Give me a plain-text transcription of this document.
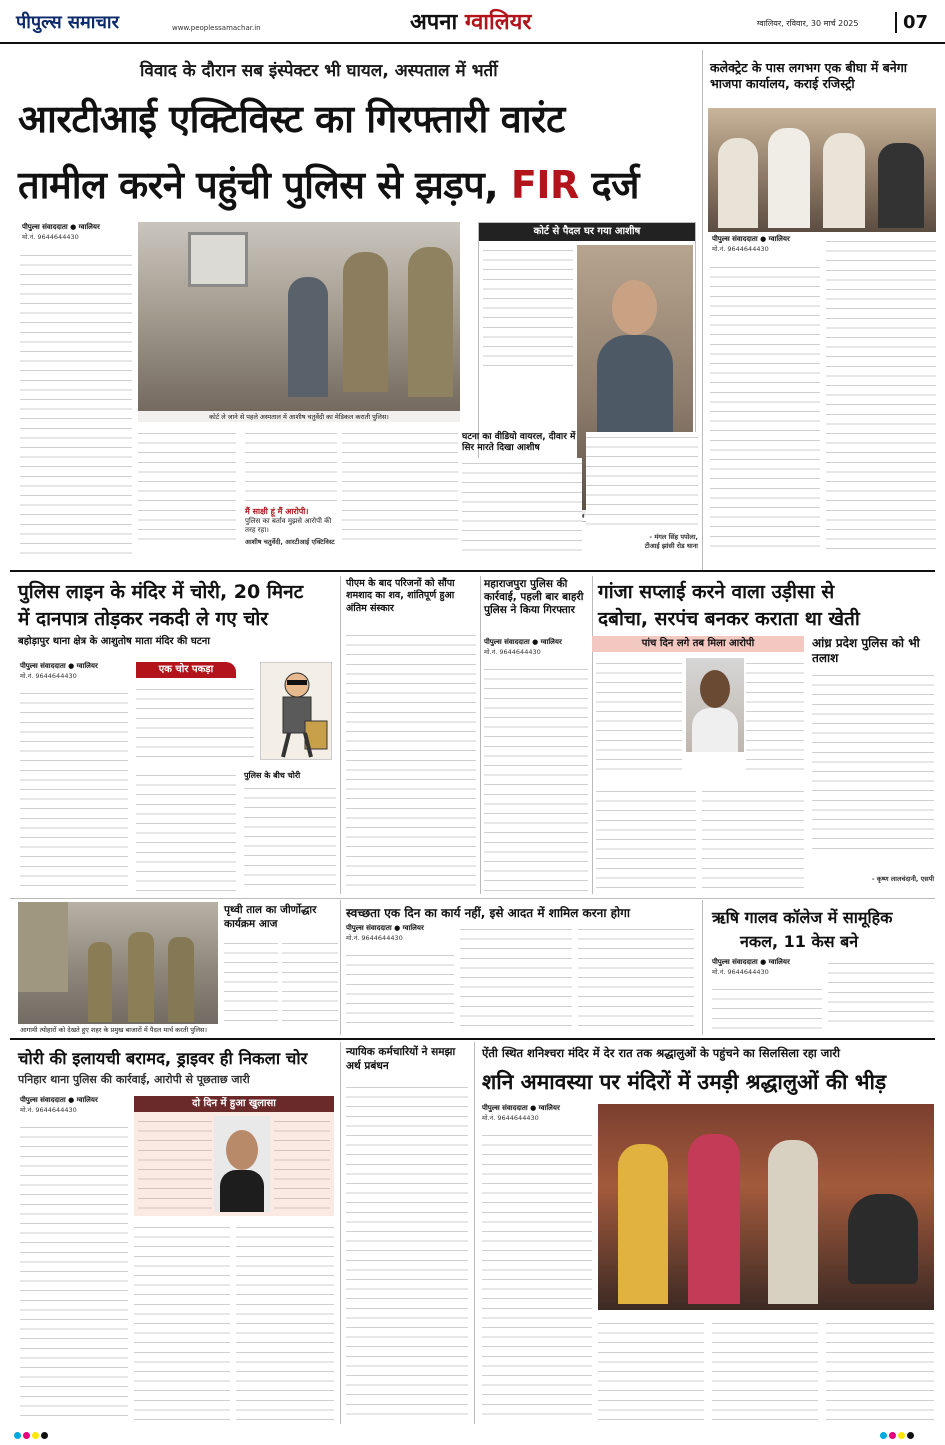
पीपुल्स समाचार	www.peoplessamachar.in	अपना ग्वालियर	ग्वालियर, रविवार, 30 मार्च 2025	07
विवाद के दौरान सब इंस्पेक्टर भी घायल, अस्पताल में भर्ती
आरटीआई एक्टिविस्ट का गिरफ्तारी वारंट
तामील करने पहुंची पुलिस से झड़प, FIR दर्ज
पीपुल्स संवाददाता ● ग्वालियर
मो.नं. 9644644430
कोर्ट ले जाने से पहले अस्पताल में आशीष चतुर्वेदी का मेडिकल कराती पुलिस।
कोर्ट से पैदल घर गया आशीष
मैं साक्षी हूं मैं आरोपी।
पुलिस का बर्ताव मुझसे आरोपी की तरह रहा।
आशीष चतुर्वेदी, आरटीआई एक्टिविस्ट
घटना का वीडियो वायरल, दीवार में सिर मारते दिखा आशीष
- मंगल सिंह पपोला,
टीआई झांसी रोड थाना
कलेक्ट्रेट के पास लगभग एक बीघा में बनेगा भाजपा कार्यालय, कराई रजिस्ट्री
पीपुल्स संवाददाता ● ग्वालियर
मो.नं. 9644644430
पुलिस लाइन के मंदिर में चोरी, 20 मिनट
में दानपात्र तोड़कर नकदी ले गए चोर
बहोड़ापुर थाना क्षेत्र के आशुतोष माता मंदिर की घटना
पीपुल्स संवाददाता ● ग्वालियर
मो.नं. 9644644430
एक चोर पकड़ा
पुलिस के बीच चोरी
पीएम के बाद परिजनों को सौंपा शमशाद का शव, शांतिपूर्ण हुआ अंतिम संस्कार
महाराजपुरा पुलिस की कार्रवाई, पहली बार बाहरी पुलिस ने किया गिरफ्तार
पीपुल्स संवाददाता ● ग्वालियर
मो.नं. 9644644430
गांजा सप्लाई करने वाला उड़ीसा से
दबोचा, सरपंच बनकर कराता था खेती
पांच दिन लगे तब मिला आरोपी	आंध्र प्रदेश पुलिस को भी तलाश
- कृष्ण लालचंदानी, एसपी
आगामी त्योहारों को देखते हुए शहर के प्रमुख बाजारों में पैदल मार्च करती पुलिस।
पृथ्वी ताल का जीर्णोद्धार कार्यक्रम आज
स्वच्छता एक दिन का कार्य नहीं, इसे आदत में शामिल करना होगा
पीपुल्स संवाददाता ● ग्वालियर
मो.नं. 9644644430
ऋषि गालव कॉलेज में सामूहिक
नकल, 11 केस बने
पीपुल्स संवाददाता ● ग्वालियर
मो.नं. 9644644430
चोरी की इलायची बरामद, ड्राइवर ही निकला चोर
पनिहार थाना पुलिस की कार्रवाई, आरोपी से पूछताछ जारी
पीपुल्स संवाददाता ● ग्वालियर
मो.नं. 9644644430
दो दिन में हुआ खुलासा
न्यायिक कर्मचारियों ने समझा अर्थ प्रबंधन
ऐंती स्थित शनिश्चरा मंदिर में देर रात तक श्रद्धालुओं के पहुंचने का सिलसिला रहा जारी
शनि अमावस्या पर मंदिरों में उमड़ी श्रद्धालुओं की भीड़
पीपुल्स संवाददाता ● ग्वालियर
मो.नं. 9644644430
